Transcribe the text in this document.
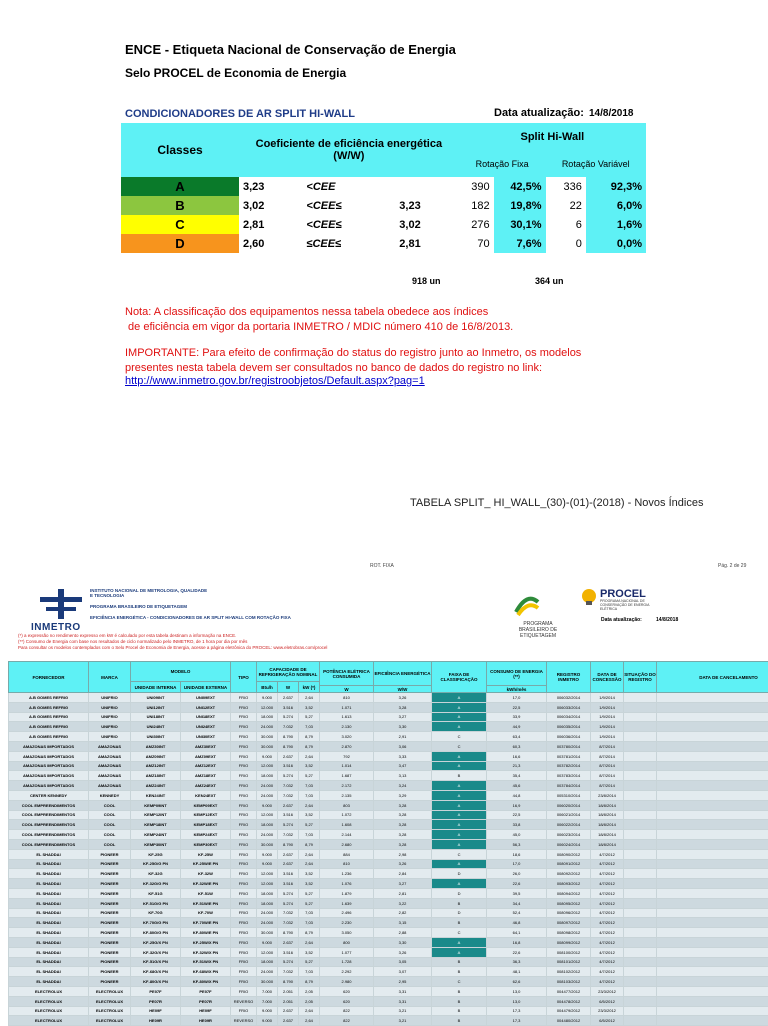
ENCE - Etiqueta Nacional de Conservação de Energia
Selo PROCEL de Economia de Energia
CONDICIONADORES DE AR SPLIT HI-WALL	Data atualização: 14/8/2018
Classes	Coeficiente de eficiência energética (W/W)			Split Hi-Wall			
				Rotação Fixa		Rotação Variável	
A	3,23	<CEE		390	42,5%	336	92,3%
B	3,02	<CEE≤	3,23	182	19,8%	22	6,0%
C	2,81	<CEE≤	3,02	276	30,1%	6	1,6%
D	2,60	≤CEE≤	2,81	70	7,6%	0	0,0%
918 un	364 un
Nota: A classificação dos equipamentos nessa tabela obedece aos índices
de eficiência em vigor da portaria INMETRO / MDIC número 410 de 16/8/2013.
IMPORTANTE: Para efeito de confirmação do status do registro junto ao Inmetro, os modelos
presentes nesta tabela devem ser consultados no banco de dados do registro no link:
http://www.inmetro.gov.br/registroobjetos/Default.aspx?pag=1
TABELA SPLIT_ HI_WALL_(30)-(01)-(2018) - Novos Índices
ROT. FIXA	Pág. 2 de 29
INMETRO
INSTITUTO NACIONAL DE METROLOGIA, QUALIDADE
E TECNOLOGIA
PROGRAMA BRASILEIRO DE ETIQUETAGEM
EFICIÊNCIA ENERGÉTICA - CONDICIONADORES DE AR SPLIT HI-WALL COM ROTAÇÃO FIXA
(*) a expressão no rendimento expresso em kW é calculado por esta tabela destinam a informação na ENCE.
(**) Consumo de Energia com base nos resultados de ciclo normalizado pelo INMETRO, de 1 hora por dia por mês
Para consultar os modelos contemplados com o Selo Procel de Economia de Energia, acesse a página eletrônica do PROCEL: www.eletrobras.com/procel
PROGRAMA BRASILEIRO DE ETIQUETAGEM
PROCEL
PROGRAMA NACIONAL DE CONSERVAÇÃO DE ENERGIA ELÉTRICA
Data atualização:	14/8/2018
FORNECEDOR	MARCA	MODELO		TIPO	CAPACIDADE DE REFRIGERAÇÃO NOMINAL			POTÊNCIA ELÉTRICA CONSUMIDA	EFICIÊNCIA ENERGÉTICA	FAIXA DE CLASSIFICAÇÃO	CONSUMO DE ENERGIA (**)	REGISTRO INMETRO	DATA DE CONCESSÃO	SITUAÇÃO DO REGISTRO	DATA DE CANCELAMENTO
		UNIDADE INTERNA	UNIDADE EXTERNA		Btu/h	W	kW (*)								
								W	W/W		kWh/mês				
A.B GOMES REFRIG	UNIFRIO	UNI09INT	UNI09EXT	FRIO	9.000	2.637	2,64	810	3,26	A	17,0	006032/2014	1/9/2014		
A.B GOMES REFRIG	UNIFRIO	UNI12INT	UNI12EXT	FRIO	12.000	3.516	3,52	1.071	3,28	A	22,5	006033/2014	1/9/2014		
A.B GOMES REFRIG	UNIFRIO	UNI18INT	UNI18EXT	FRIO	18.000	5.274	5,27	1.613	3,27	A	33,9	006034/2014	1/9/2014		
A.B GOMES REFRIG	UNIFRIO	UNI24INT	UNI24EXT	FRIO	24.000	7.032	7,03	2.130	3,30	A	44,9	006035/2014	1/9/2014		
A.B GOMES REFRIG	UNIFRIO	UNI30INT	UNI30EXT	FRIO	30.000	8.790	8,79	3.020	2,91	C	63,4	006036/2014	1/9/2014		
AMAZONAS IMPORTADOS	AMAZONAS	AMZ30INT	AMZ30EXT	FRIO	30.000	8.790	8,79	2.870	3,06	C	60,3	003780/2014	8/7/2014		
AMAZONAS IMPORTADOS	AMAZONAS	AMZ09INT	AMZ09EXT	FRIO	9.000	2.637	2,64	792	3,33	A	16,6	003781/2014	8/7/2014		
AMAZONAS IMPORTADOS	AMAZONAS	AMZ12INT	AMZ12EXT	FRIO	12.000	3.516	3,52	1.014	3,47	A	21,3	003782/2014	8/7/2014		
AMAZONAS IMPORTADOS	AMAZONAS	AMZ18INT	AMZ18EXT	FRIO	18.000	5.274	5,27	1.687	3,13	B	35,4	003783/2014	8/7/2014		
AMAZONAS IMPORTADOS	AMAZONAS	AMZ24INT	AMZ24EXT	FRIO	24.000	7.032	7,03	2.172	3,24	A	45,6	003784/2014	8/7/2014		
CENTER KENNEDY	KENNEDY	KEN24INT	KEN24EXT	FRIO	24.000	7.032	7,03	2.135	3,29	A	44,8	005310/2014	23/8/2014		
COOL EMPREENDIMENTOS	COOL	KEMP09INT	KEMP09EXT	FRIO	9.000	2.637	2,64	803	3,28	A	16,9	006020/2014	18/8/2014		
COOL EMPREENDIMENTOS	COOL	KEMP12INT	KEMP12EXT	FRIO	12.000	3.516	3,52	1.072	3,28	A	22,5	006021/2014	18/8/2014		
COOL EMPREENDIMENTOS	COOL	KEMP18INT	KEMP18EXT	FRIO	18.000	5.274	5,27	1.608	3,28	A	33,8	006022/2014	18/8/2014		
COOL EMPREENDIMENTOS	COOL	KEMP24INT	KEMP24EXT	FRIO	24.000	7.032	7,03	2.144	3,28	A	45,0	006023/2014	18/8/2014		
COOL EMPREENDIMENTOS	COOL	KEMP30INT	KEMP30EXT	FRIO	30.000	8.790	8,79	2.680	3,28	A	56,3	006024/2014	18/8/2014		
EL SHADDAI	PIONEER	KF-25G	KF-25W	FRIO	9.000	2.637	2,64	884	2,98	C	18,6	008090/2012	4/7/2012		
EL SHADDAI	PIONEER	KF-25G/G PN	KF-25W/E PN	FRIO	9.000	2.637	2,64	810	3,26	A	17,0	008091/2012	4/7/2012		
EL SHADDAI	PIONEER	KF-32G	KF-32W	FRIO	12.000	3.516	3,52	1.236	2,84	D	26,0	008092/2012	4/7/2012		
EL SHADDAI	PIONEER	KF-32G/G PN	KF-32W/E PN	FRIO	12.000	3.516	3,52	1.076	3,27	A	22,6	008093/2012	4/7/2012		
EL SHADDAI	PIONEER	KF-51G	KF-51W	FRIO	18.000	5.274	5,27	1.879	2,81	D	39,5	008094/2012	4/7/2012		
EL SHADDAI	PIONEER	KF-51G/G PN	KF-51W/E PN	FRIO	18.000	5.274	5,27	1.639	3,22	B	34,4	008095/2012	4/7/2012		
EL SHADDAI	PIONEER	KF-70G	KF-70W	FRIO	24.000	7.032	7,03	2.496	2,82	D	52,4	008096/2012	4/7/2012		
EL SHADDAI	PIONEER	KF-70G/G PN	KF-70W/E PN	FRIO	24.000	7.032	7,03	2.230	3,15	B	46,8	008097/2012	4/7/2012		
EL SHADDAI	PIONEER	KF-80G/G PN	KF-80W/E PN	FRIO	30.000	8.790	8,79	3.050	2,88	C	64,1	008098/2012	4/7/2012		
EL SHADDAI	PIONEER	KF-25G/X PN	KF-25W/X PN	FRIO	9.000	2.637	2,64	800	3,30	A	16,8	008099/2012	4/7/2012		
EL SHADDAI	PIONEER	KF-32G/X PN	KF-32W/X PN	FRIO	12.000	3.516	3,52	1.077	3,26	A	22,6	008100/2012	4/7/2012		
EL SHADDAI	PIONEER	KF-51G/X PN	KF-51W/X PN	FRIO	18.000	5.274	5,27	1.728	3,05	B	36,3	008101/2012	4/7/2012		
EL SHADDAI	PIONEER	KF-68G/X PN	KF-68W/X PN	FRIO	24.000	7.032	7,03	2.292	3,07	B	48,1	008102/2012	4/7/2012		
EL SHADDAI	PIONEER	KF-80G/X PN	KF-80W/X PN	FRIO	30.000	8.790	8,79	2.980	2,95	C	62,6	008103/2012	4/7/2012		
ELECTROLUX	ELECTROLUX	PE07F	PE07F	FRIO	7.000	2.051	2,05	620	3,31	B	13,0	004477/2012	23/3/2012		
ELECTROLUX	ELECTROLUX	PE07R	PE07R	REVERSO	7.000	2.051	2,05	620	3,31	B	13,0	004478/2012	6/5/2012		
ELECTROLUX	ELECTROLUX	HE09F	HE09F	FRIO	9.000	2.637	2,64	822	3,21	B	17,3	004479/2012	23/3/2012		
ELECTROLUX	ELECTROLUX	HE09R	HE09R	REVERSO	9.000	2.637	2,64	822	3,21	B	17,3	004480/2012	6/5/2012		
